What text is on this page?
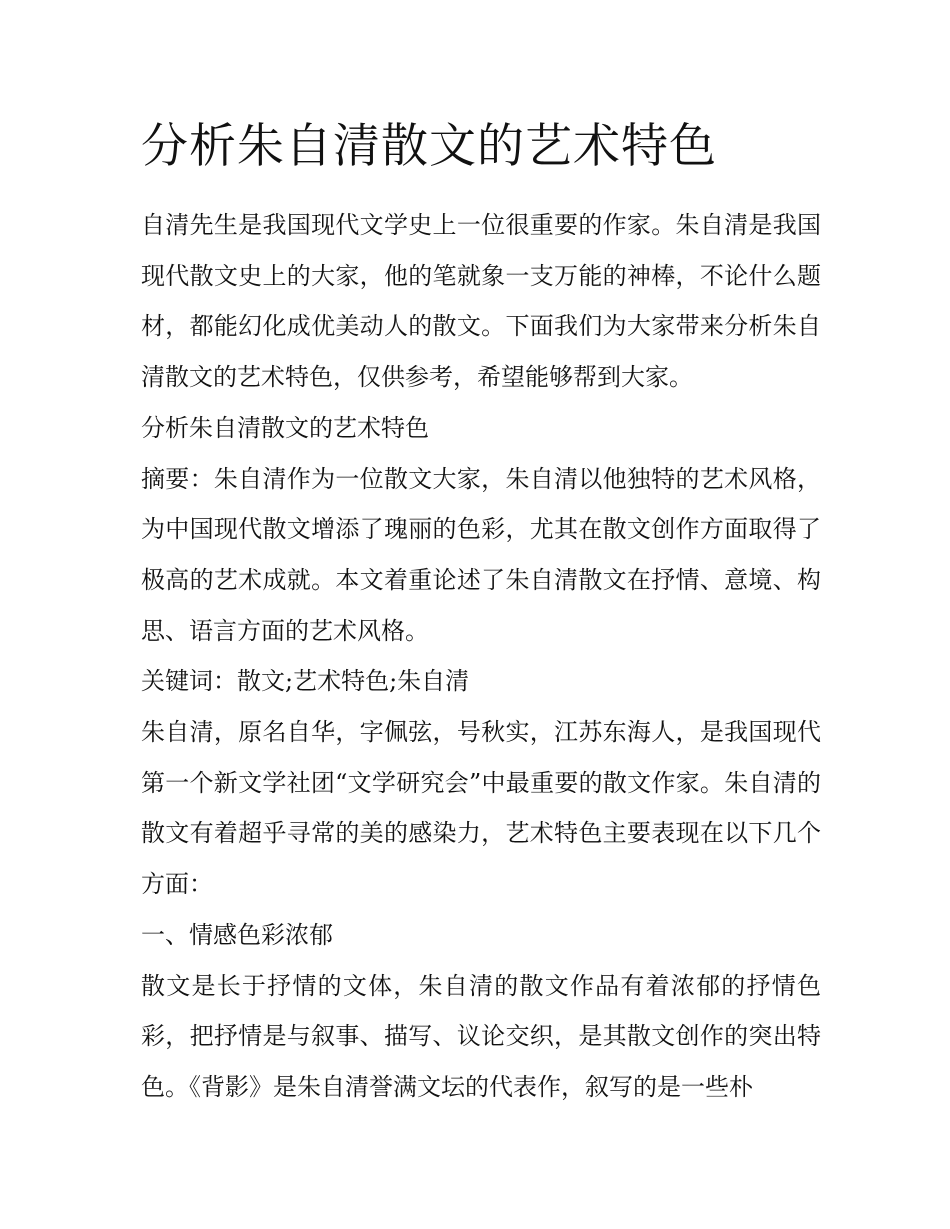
分析朱自清散文的艺术特色

自清先生是我国现代文学史上一位很重要的作家。朱自清是我国现代散文史上的大家，他的笔就象一支万能的神棒，不论什么题材，都能幻化成优美动人的散文。下面我们为大家带来分析朱自清散文的艺术特色，仅供参考，希望能够帮到大家。

分析朱自清散文的艺术特色

摘要：朱自清作为一位散文大家，朱自清以他独特的艺术风格，为中国现代散文增添了瑰丽的色彩，尤其在散文创作方面取得了极高的艺术成就。本文着重论述了朱自清散文在抒情、意境、构思、语言方面的艺术风格。

关键词：散文;艺术特色;朱自清

朱自清，原名自华，字佩弦，号秋实，江苏东海人，是我国现代第一个新文学社团“文学研究会”中最重要的散文作家。朱自清的散文有着超乎寻常的美的感染力，艺术特色主要表现在以下几个方面：

一、情感色彩浓郁

散文是长于抒情的文体，朱自清的散文作品有着浓郁的抒情色彩，把抒情是与叙事、描写、议论交织，是其散文创作的突出特色。《背影》是朱自清誉满文坛的代表作，叙写的是一些朴
